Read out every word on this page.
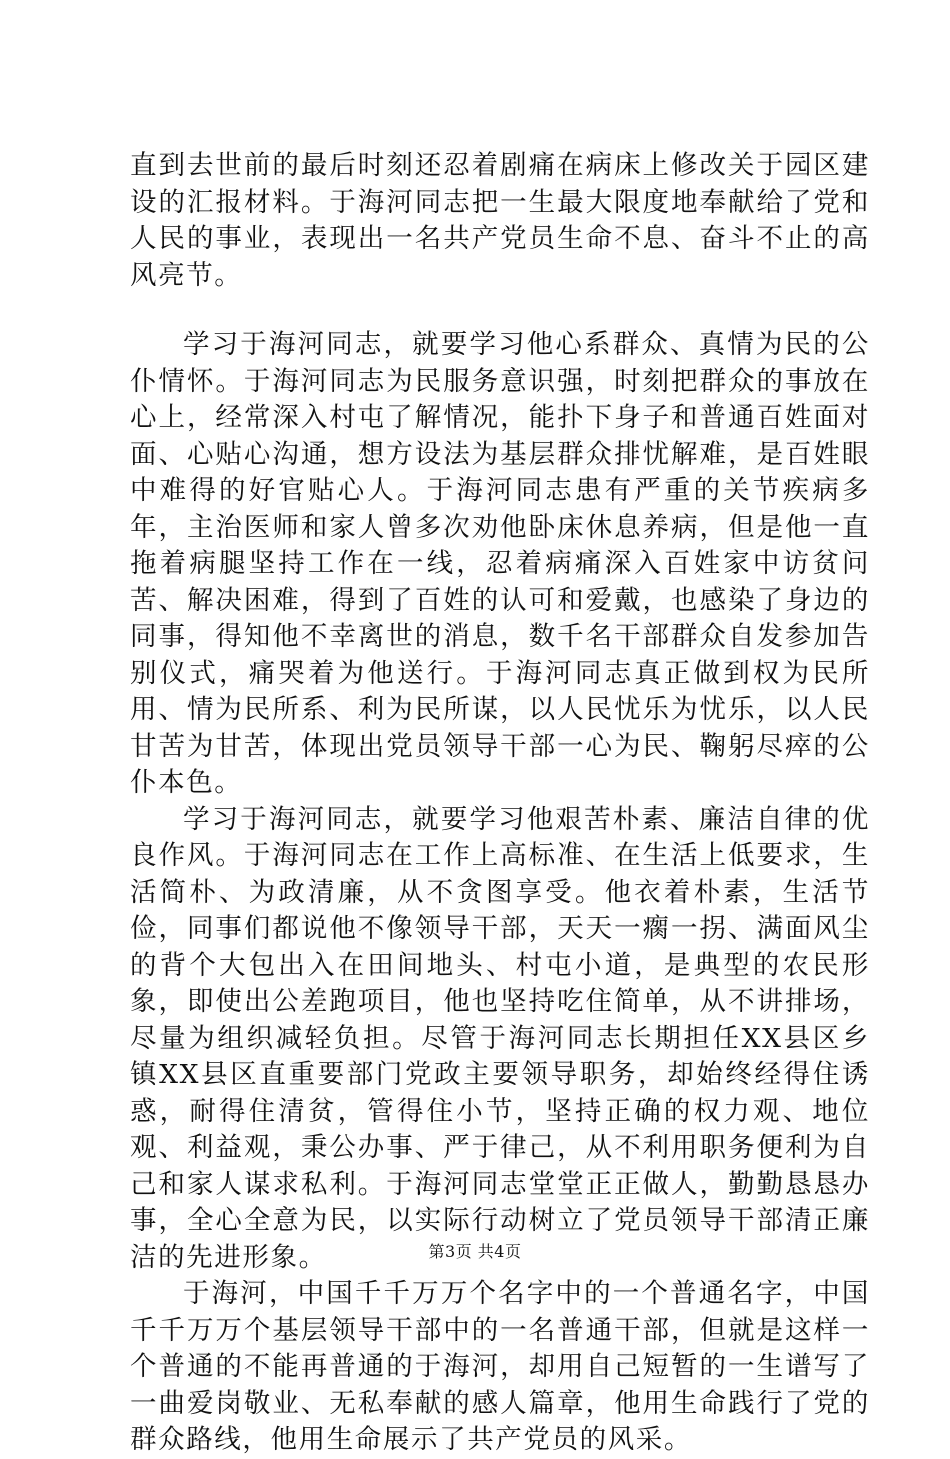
直到去世前的最后时刻还忍着剧痛在病床上修改关于园区建设的汇报材料。于海河同志把一生最大限度地奉献给了党和人民的事业，表现出一名共产党员生命不息、奋斗不止的高风亮节。

学习于海河同志，就要学习他心系群众、真情为民的公仆情怀。于海河同志为民服务意识强，时刻把群众的事放在心上，经常深入村屯了解情况，能扑下身子和普通百姓面对面、心贴心沟通，想方设法为基层群众排忧解难，是百姓眼中难得的好官贴心人。于海河同志患有严重的关节疾病多年，主治医师和家人曾多次劝他卧床休息养病，但是他一直拖着病腿坚持工作在一线，忍着病痛深入百姓家中访贫问苦、解决困难，得到了百姓的认可和爱戴，也感染了身边的同事，得知他不幸离世的消息，数千名干部群众自发参加告别仪式，痛哭着为他送行。于海河同志真正做到权为民所用、情为民所系、利为民所谋，以人民忧乐为忧乐，以人民甘苦为甘苦，体现出党员领导干部一心为民、鞠躬尽瘁的公仆本色。

学习于海河同志，就要学习他艰苦朴素、廉洁自律的优良作风。于海河同志在工作上高标准、在生活上低要求，生活简朴、为政清廉，从不贪图享受。他衣着朴素，生活节俭，同事们都说他不像领导干部，天天一瘸一拐、满面风尘的背个大包出入在田间地头、村屯小道，是典型的农民形象，即使出公差跑项目，他也坚持吃住简单，从不讲排场，尽量为组织减轻负担。尽管于海河同志长期担任XX县区乡镇XX县区直重要部门党政主要领导职务，却始终经得住诱惑，耐得住清贫，管得住小节，坚持正确的权力观、地位观、利益观，秉公办事、严于律己，从不利用职务便利为自己和家人谋求私利。于海河同志堂堂正正做人，勤勤恳恳办事，全心全意为民，以实际行动树立了党员领导干部清正廉洁的先进形象。

于海河，中国千千万万个名字中的一个普通名字，中国千千万万个基层领导干部中的一名普通干部，但就是这样一个普通的不能再普通的于海河，却用自己短暂的一生谱写了一曲爱岗敬业、无私奉献的感人篇章，他用生命践行了党的群众路线，他用生命展示了共产党员的风采。

第3页 共4页
